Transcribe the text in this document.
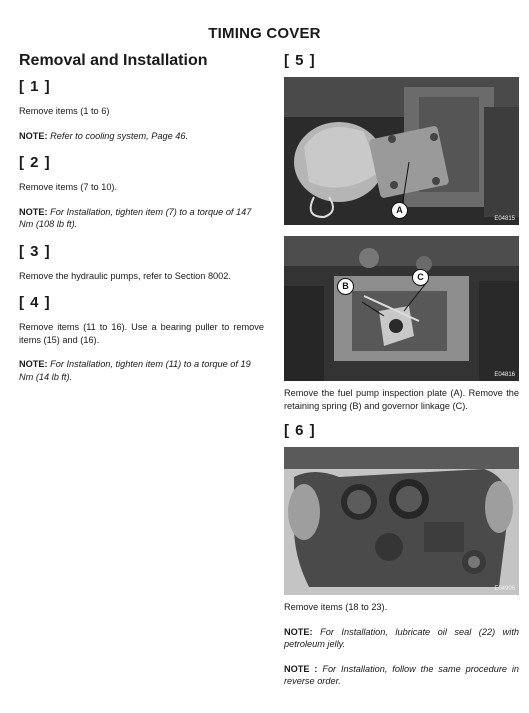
TIMING COVER
Removal and Installation
[ 1 ]

Remove items (1 to 6)

NOTE: Refer to cooling system, Page 46.

[ 2 ]

Remove items (7 to 10).

NOTE: For Installation, tighten item (7) to a torque of 147 Nm (108 lb ft).

[ 3 ]

Remove the hydraulic pumps, refer to Section 8002.

[ 4 ]

Remove items (11 to 16). Use a bearing puller to remove items (15) and (16).

NOTE: For Installation, tighten item (11) to a torque of 19 Nm (14 lb ft).

[ 5 ]
A
E04815
B
C
E04816
Remove the fuel pump inspection plate (A). Remove the retaining spring (B) and governor linkage (C).
[ 6 ]
E04906
Remove items (18 to 23).

NOTE: For Installation, lubricate oil seal (22) with petroleum jelly.

NOTE : For Installation, follow the same procedure in reverse order.
